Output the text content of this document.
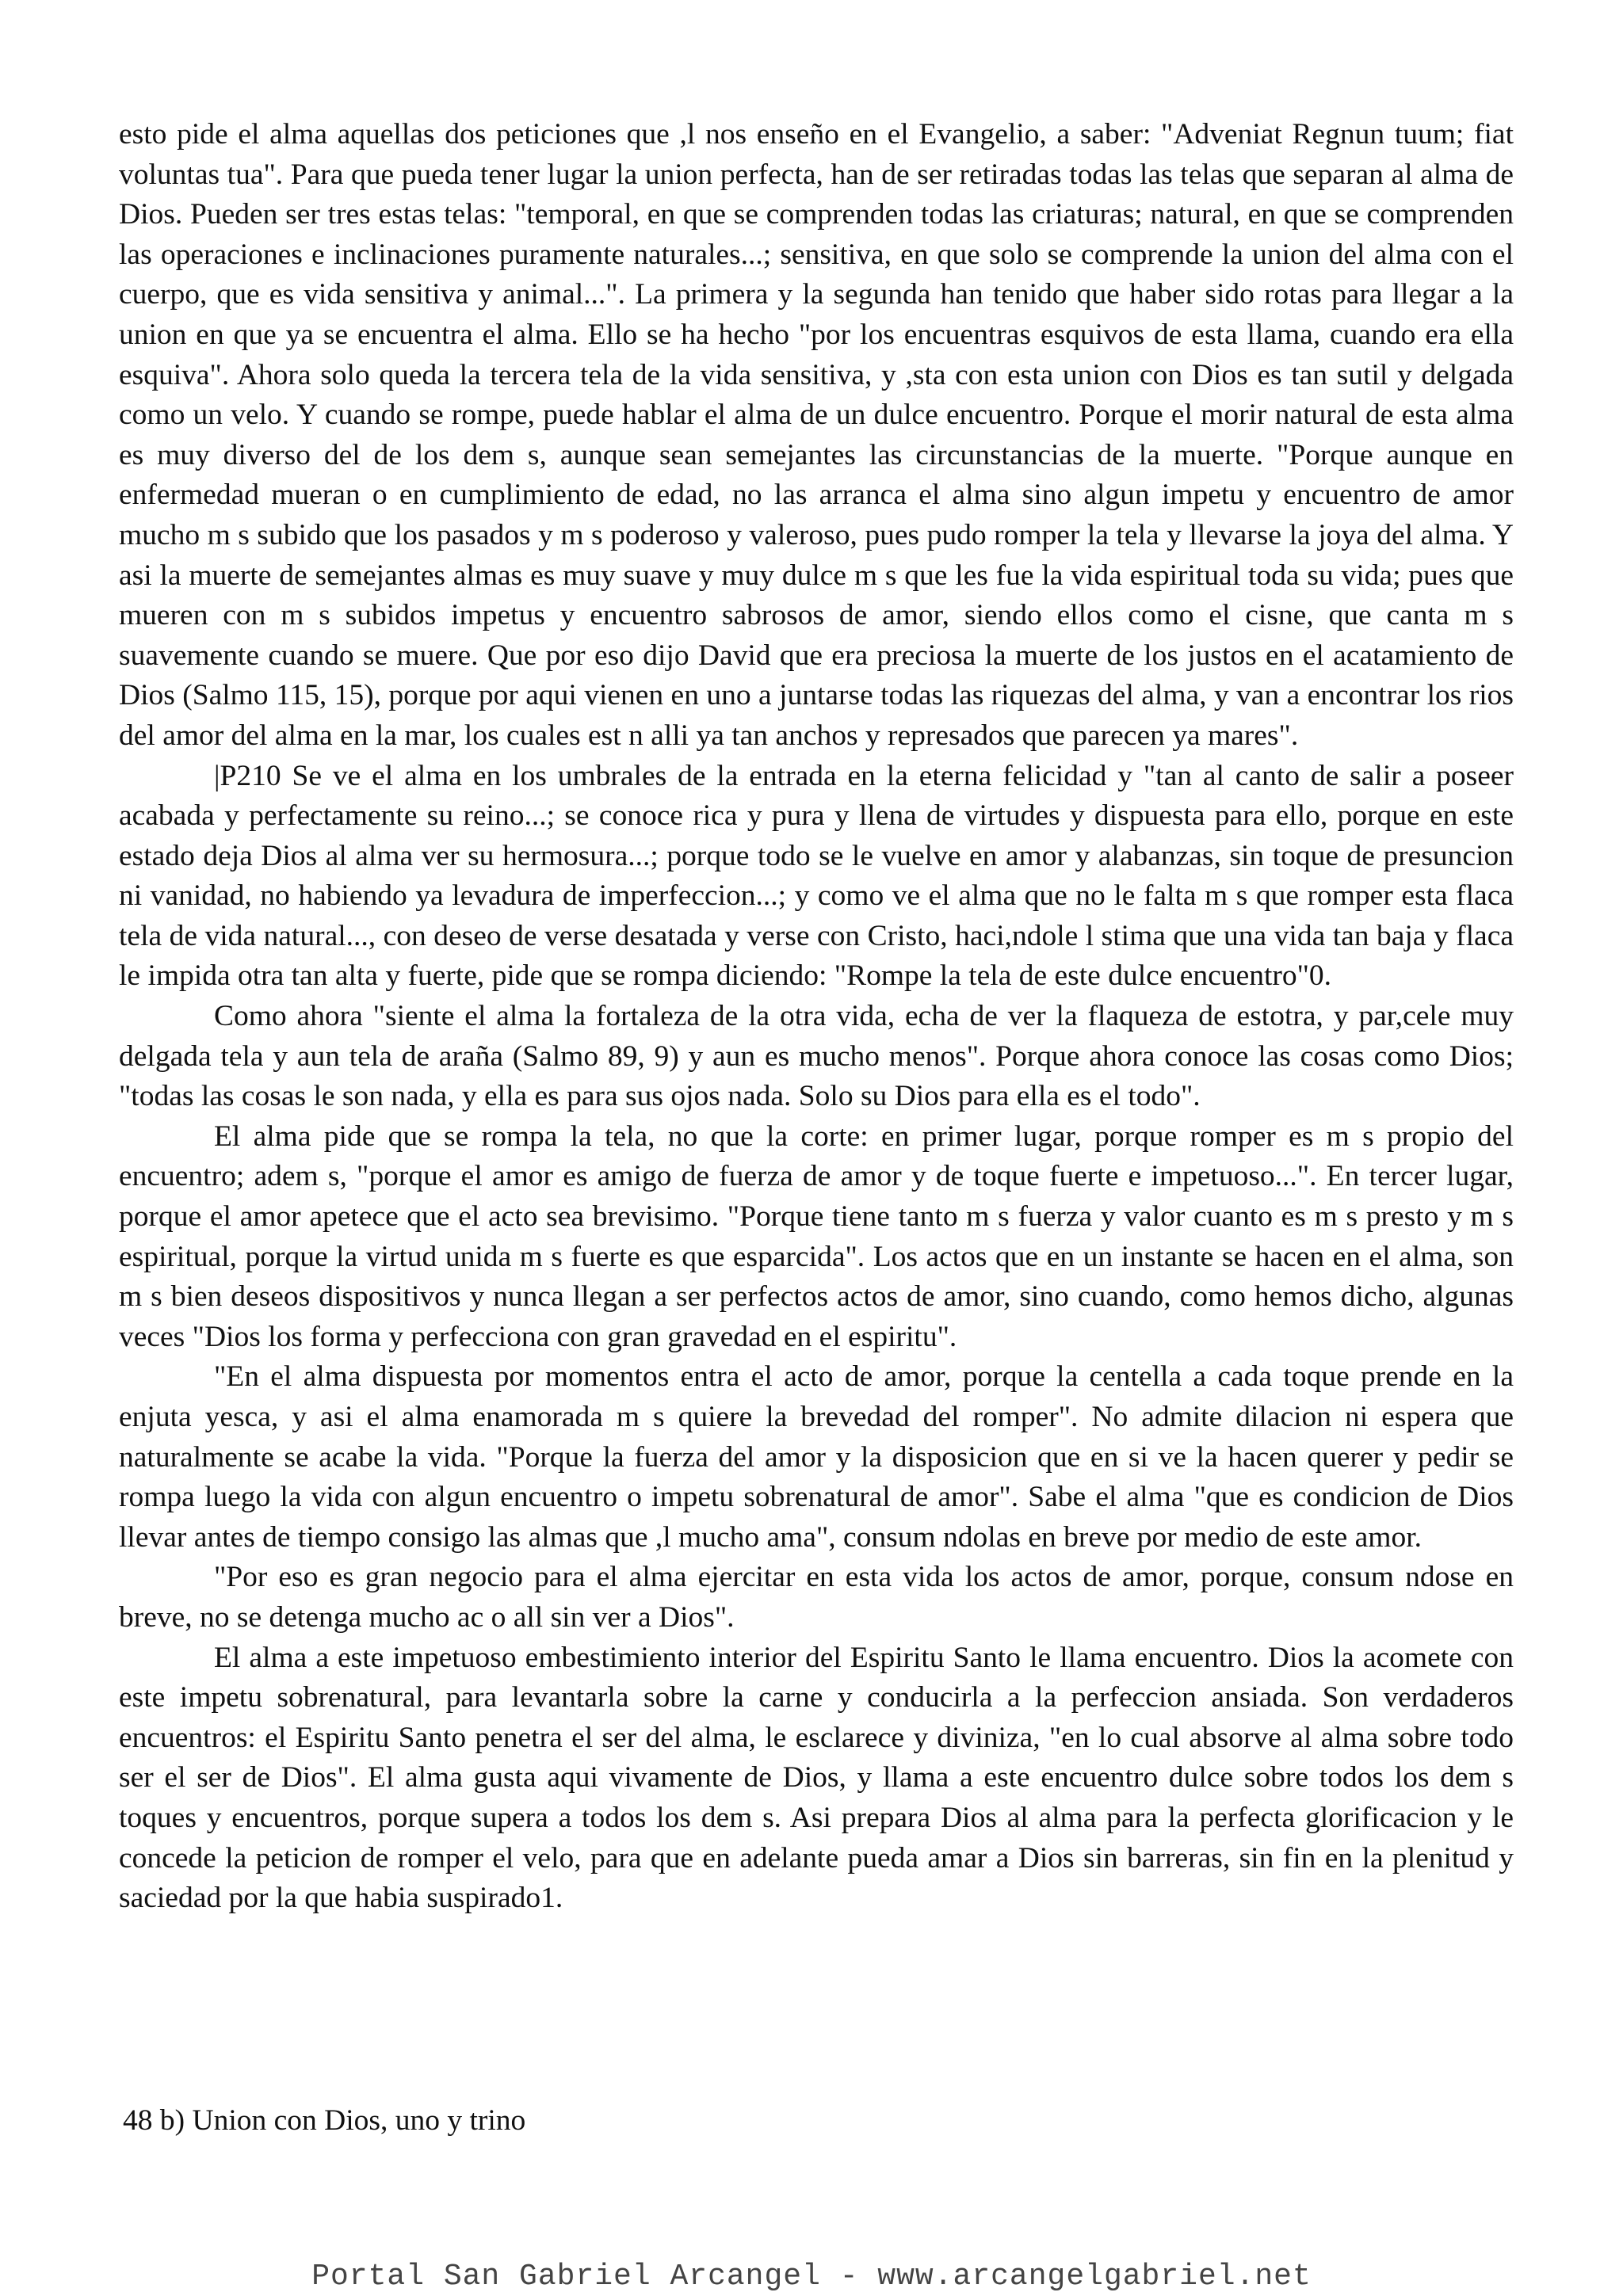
esto pide el alma aquellas dos peticiones que ,l nos enseño en el Evangelio, a saber: "Adveniat Regnun tuum; fiat voluntas tua". Para que pueda tener lugar la union perfecta, han de ser retiradas todas las telas que separan al alma de Dios. Pueden ser tres estas telas: "temporal, en que se comprenden todas las criaturas; natural, en que se comprenden las operaciones e inclinaciones puramente naturales...; sensitiva, en que solo se comprende la union del alma con el cuerpo, que es vida sensitiva y animal...". La primera y la segunda han tenido que haber sido rotas para llegar a la union en que ya se encuentra el alma. Ello se ha hecho "por los encuentras esquivos de esta llama, cuando era ella esquiva". Ahora solo queda la tercera tela de la vida sensitiva, y ,sta con esta union con Dios es tan sutil y delgada como un velo. Y cuando se rompe, puede hablar el alma de un dulce encuentro. Porque el morir natural de esta alma es muy diverso del de los dem s, aunque sean semejantes las circunstancias de la muerte. "Porque aunque en enfermedad mueran o en cumplimiento de edad, no las arranca el alma sino algun impetu y encuentro de amor mucho m s subido que los pasados y m s poderoso y valeroso, pues pudo romper la tela y llevarse la joya del alma. Y asi la muerte de semejantes almas es muy suave y muy dulce m s que les fue la vida espiritual toda su vida; pues que mueren con m s subidos impetus y encuentro sabrosos de amor, siendo ellos como el cisne, que canta m s suavemente cuando se muere. Que por eso dijo David que era preciosa la muerte de los justos en el acatamiento de Dios (Salmo 115, 15), porque por aqui vienen en uno a juntarse todas las riquezas del alma, y van a encontrar los rios del amor del alma en la mar, los cuales est n alli ya tan anchos y represados que parecen ya mares".

|P210 Se ve el alma en los umbrales de la entrada en la eterna felicidad y "tan al canto de salir a poseer acabada y perfectamente su reino...; se conoce rica y pura y llena de virtudes y dispuesta para ello, porque en este estado deja Dios al alma ver su hermosura...; porque todo se le vuelve en amor y alabanzas, sin toque de presuncion ni vanidad, no habiendo ya levadura de imperfeccion...; y como ve el alma que no le falta m s que romper esta flaca tela de vida natural..., con deseo de verse desatada y verse con Cristo, haci,ndole l stima que una vida tan baja y flaca le impida otra tan alta y fuerte, pide que se rompa diciendo: "Rompe la tela de este dulce encuentro"0.

Como ahora "siente el alma la fortaleza de la otra vida, echa de ver la flaqueza de estotra, y par,cele muy delgada tela y aun tela de araña (Salmo 89, 9) y aun es mucho menos". Porque ahora conoce las cosas como Dios; "todas las cosas le son nada, y ella es para sus ojos nada. Solo su Dios para ella es el todo".

El alma pide que se rompa la tela, no que la corte: en primer lugar, porque romper es m s propio del encuentro; adem s, "porque el amor es amigo de fuerza de amor y de toque fuerte e impetuoso...". En tercer lugar, porque el amor apetece que el acto sea brevisimo. "Porque tiene tanto m s fuerza y valor cuanto es m s presto y m s espiritual, porque la virtud unida m s fuerte es que esparcida". Los actos que en un instante se hacen en el alma, son m s bien deseos dispositivos y nunca llegan a ser perfectos actos de amor, sino cuando, como hemos dicho, algunas veces "Dios los forma y perfecciona con gran gravedad en el espiritu".

"En el alma dispuesta por momentos entra el acto de amor, porque la centella a cada toque prende en la enjuta yesca, y asi el alma enamorada m s quiere la brevedad del romper". No admite dilacion ni espera que naturalmente se acabe la vida. "Porque la fuerza del amor y la disposicion que en si ve la hacen querer y pedir se rompa luego la vida con algun encuentro o impetu sobrenatural de amor". Sabe el alma "que es condicion de Dios llevar antes de tiempo consigo las almas que ,l mucho ama", consum ndolas en breve por medio de este amor.

"Por eso es gran negocio para el alma ejercitar en esta vida los actos de amor, porque, consum ndose en breve, no se detenga mucho ac o all sin ver a Dios".

El alma a este impetuoso embestimiento interior del Espiritu Santo le llama encuentro. Dios la acomete con este impetu sobrenatural, para levantarla sobre la carne y conducirla a la perfeccion ansiada. Son verdaderos encuentros: el Espiritu Santo penetra el ser del alma, le esclarece y diviniza, "en lo cual absorve al alma sobre todo ser el ser de Dios". El alma gusta aqui vivamente de Dios, y llama a este encuentro dulce sobre todos los dem s toques y encuentros, porque supera a todos los dem s. Asi prepara Dios al alma para la perfecta glorificacion y le concede la peticion de romper el velo, para que en adelante pueda amar a Dios sin barreras, sin fin en la plenitud y saciedad por la que habia suspirado1.

48 b) Union con Dios, uno y trino
Portal San Gabriel Arcangel - www.arcangelgabriel.net
